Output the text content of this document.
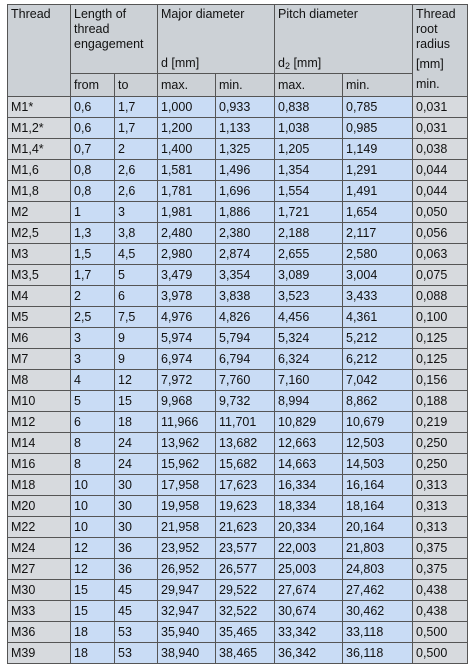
Thread	Length of thread engagement		Major diameter		Pitch diameter		Thread root radius
			d [mm]		$d_2$ [mm]		[mm]
	from	to	max.	min.	max.	min.	min.
M1*	0,6	1,7	1,000	0,933	0,838	0,785	0,031
M1,2*	0,6	1,7	1,200	1,133	1,038	0,985	0,031
M1,4*	0,7	2	1,400	1,325	1,205	1,149	0,038
M1,6	0,8	2,6	1,581	1,496	1,354	1,291	0,044
M1,8	0,8	2,6	1,781	1,696	1,554	1,491	0,044
M2	1	3	1,981	1,886	1,721	1,654	0,050
M2,5	1,3	3,8	2,480	2,380	2,188	2,117	0,056
M3	1,5	4,5	2,980	2,874	2,655	2,580	0,063
M3,5	1,7	5	3,479	3,354	3,089	3,004	0,075
M4	2	6	3,978	3,838	3,523	3,433	0,088
M5	2,5	7,5	4,976	4,826	4,456	4,361	0,100
M6	3	9	5,974	5,794	5,324	5,212	0,125
M7	3	9	6,974	6,794	6,324	6,212	0,125
M8	4	12	7,972	7,760	7,160	7,042	0,156
M10	5	15	9,968	9,732	8,994	8,862	0,188
M12	6	18	11,966	11,701	10,829	10,679	0,219
M14	8	24	13,962	13,682	12,663	12,503	0,250
M16	8	24	15,962	15,682	14,663	14,503	0,250
M18	10	30	17,958	17,623	16,334	16,164	0,313
M20	10	30	19,958	19,623	18,334	18,164	0,313
M22	10	30	21,958	21,623	20,334	20,164	0,313
M24	12	36	23,952	23,577	22,003	21,803	0,375
M27	12	36	26,952	26,577	25,003	24,803	0,375
M30	15	45	29,947	29,522	27,674	27,462	0,438
M33	15	45	32,947	32,522	30,674	30,462	0,438
M36	18	53	35,940	35,465	33,342	33,118	0,500
M39	18	53	38,940	38,465	36,342	36,118	0,500
